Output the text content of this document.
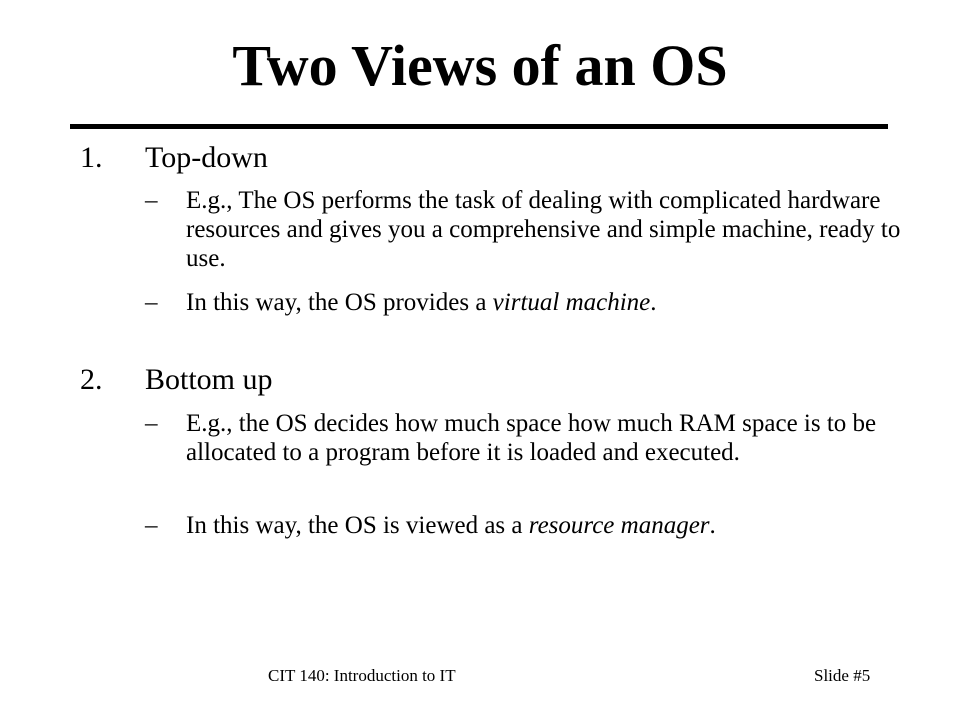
Two Views of an OS
1. Top-down
– E.g., The OS performs the task of dealing with complicated hardware resources and gives you a comprehensive and simple machine, ready to use.
– In this way, the OS provides a virtual machine.
2. Bottom up
– E.g., the OS decides how much space how much RAM space is to be allocated to a program before it is loaded and executed.
– In this way, the OS is viewed as a resource manager.
CIT 140: Introduction to IT	Slide #5
